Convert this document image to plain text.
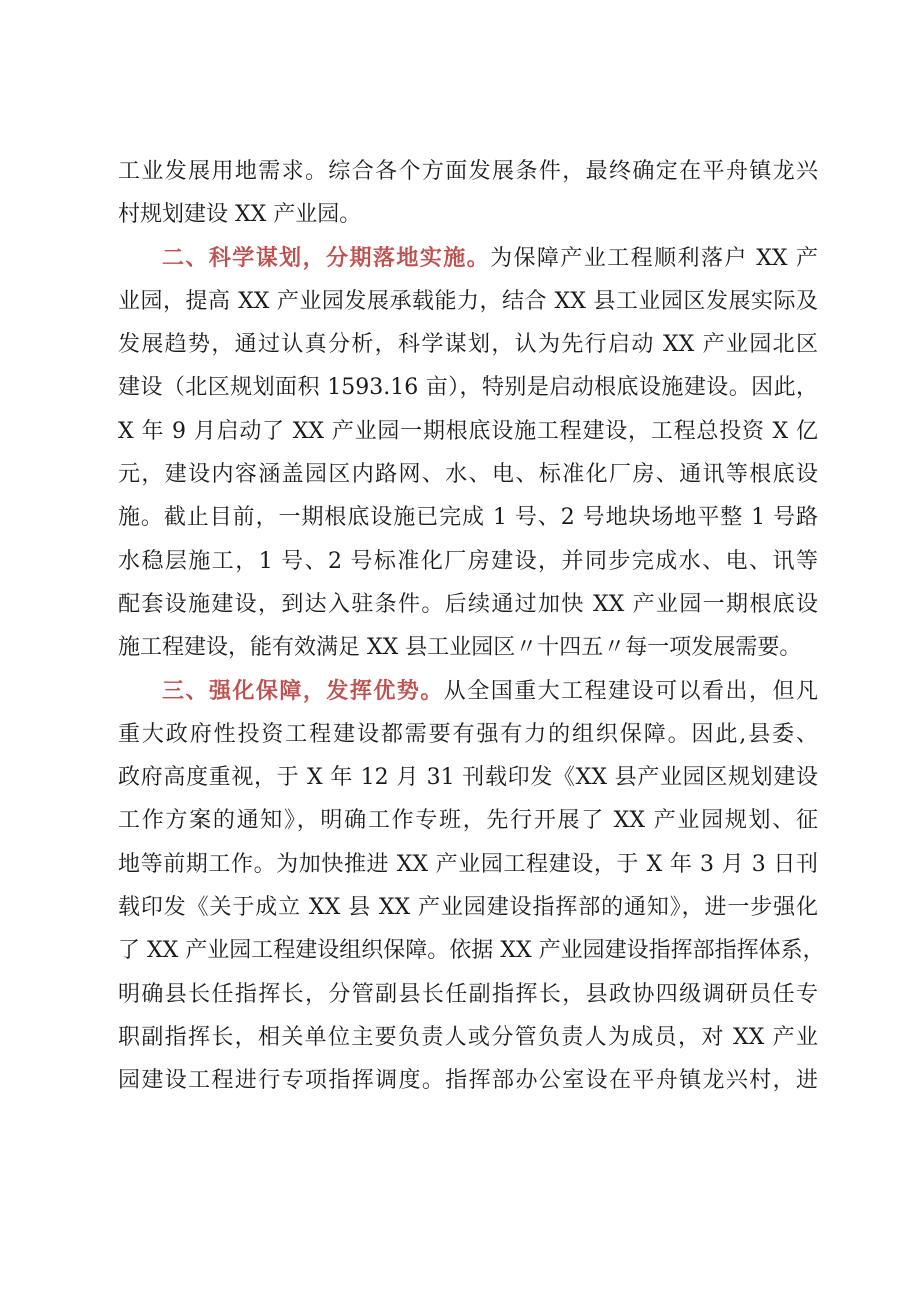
工业发展用地需求。综合各个方面发展条件，最终确定在平舟镇龙兴
村规划建设 XX 产业园。
二、科学谋划，分期落地实施。为保障产业工程顺利落户 XX 产
业园，提高 XX 产业园发展承载能力，结合 XX 县工业园区发展实际及
发展趋势，通过认真分析，科学谋划，认为先行启动 XX 产业园北区
建设（北区规划面积 1593.16 亩），特别是启动根底设施建设。因此，
X 年 9 月启动了 XX 产业园一期根底设施工程建设，工程总投资 X 亿
元，建设内容涵盖园区内路网、水、电、标准化厂房、通讯等根底设
施。截止目前，一期根底设施已完成 1 号、2 号地块场地平整 1 号路
水稳层施工，1 号、2 号标准化厂房建设，并同步完成水、电、讯等
配套设施建设，到达入驻条件。后续通过加快 XX 产业园一期根底设
施工程建设，能有效满足 XX 县工业园区〃十四五〃每一项发展需要。
三、强化保障，发挥优势。从全国重大工程建设可以看出，但凡
重大政府性投资工程建设都需要有强有力的组织保障。因此,县委、
政府高度重视，于 X 年 12 月 31 刊载印发《XX 县产业园区规划建设
工作方案的通知》，明确工作专班，先行开展了 XX 产业园规划、征
地等前期工作。为加快推进 XX 产业园工程建设，于 X 年 3 月 3 日刊
载印发《关于成立 XX 县 XX 产业园建设指挥部的通知》，进一步强化
了 XX 产业园工程建设组织保障。依据 XX 产业园建设指挥部指挥体系，
明确县长任指挥长，分管副县长任副指挥长，县政协四级调研员任专
职副指挥长，相关单位主要负责人或分管负责人为成员，对 XX 产业
园建设工程进行专项指挥调度。指挥部办公室设在平舟镇龙兴村，进
